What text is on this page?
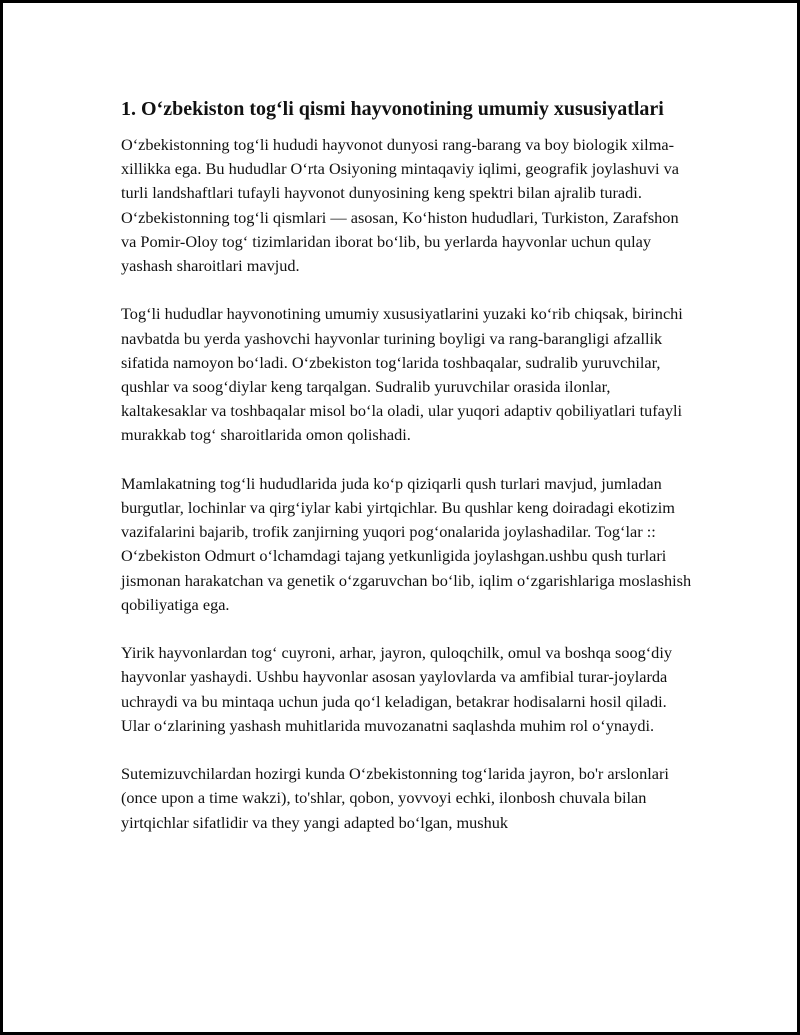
1. O‘zbekiston tog‘li qismi hayvonotining umumiy xususiyatlari

O‘zbekistonning tog‘li hududi hayvonot dunyosi rang-barang va boy biologik xilma-xillikka ega. Bu hududlar O‘rta Osiyoning mintaqaviy iqlimi, geografik joylashuvi va turli landshaftlari tufayli hayvonot dunyosining keng spektri bilan ajralib turadi. O‘zbekistonning tog‘li qismlari — asosan, Ko‘histon hududlari, Turkiston, Zarafshon va Pomir-Oloy tog‘ tizimlaridan iborat bo‘lib, bu yerlarda hayvonlar uchun qulay yashash sharoitlari mavjud.

Tog‘li hududlar hayvonotining umumiy xususiyatlarini yuzaki ko‘rib chiqsak, birinchi navbatda bu yerda yashovchi hayvonlar turining boyligi va rang-barangligi afzallik sifatida namoyon bo‘ladi. O‘zbekiston tog‘larida toshbaqalar, sudralib yuruvchilar, qushlar va soog‘diylar keng tarqalgan. Sudralib yuruvchilar orasida ilonlar, kaltakesaklar va toshbaqalar misol bo‘la oladi, ular yuqori adaptiv qobiliyatlari tufayli murakkab tog‘ sharoitlarida omon qolishadi.

Mamlakatning tog‘li hududlarida juda ko‘p qiziqarli qush turlari mavjud, jumladan burgutlar, lochinlar va qirg‘iylar kabi yirtqichlar. Bu qushlar keng doiradagi ekotizim vazifalarini bajarib, trofik zanjirning yuqori pog‘onalarida joylashadilar. Tog‘lar :: O‘zbekiston Odmurt o‘lchamdagi tajang yetkunligida joylashgan.ushbu qush turlari jismonan harakatchan va genetik o‘zgaruvchan bo‘lib, iqlim o‘zgarishlariga moslashish qobiliyatiga ega.

Yirik hayvonlardan tog‘ cuyroni, arhar, jayron, quloqchilk, omul va boshqa soog‘diy hayvonlar yashaydi. Ushbu hayvonlar asosan yaylovlarda va amfibial turar-joylarda uchraydi va bu mintaqa uchun juda qo‘l keladigan, betakrar hodisalarni hosil qiladi. Ular o‘zlarining yashash muhitlarida muvozanatni saqlashda muhim rol o‘ynaydi.

Sutemizuvchilardan hozirgi kunda O‘zbekistonning tog‘larida jayron, bo'r arslonlari (once upon a time wakzi), to'shlar, qobon, yovvoyi echki, ilonbosh chuvala bilan yirtqichlar sifatlidir va they yangi adapted bo‘lgan, mushuk
